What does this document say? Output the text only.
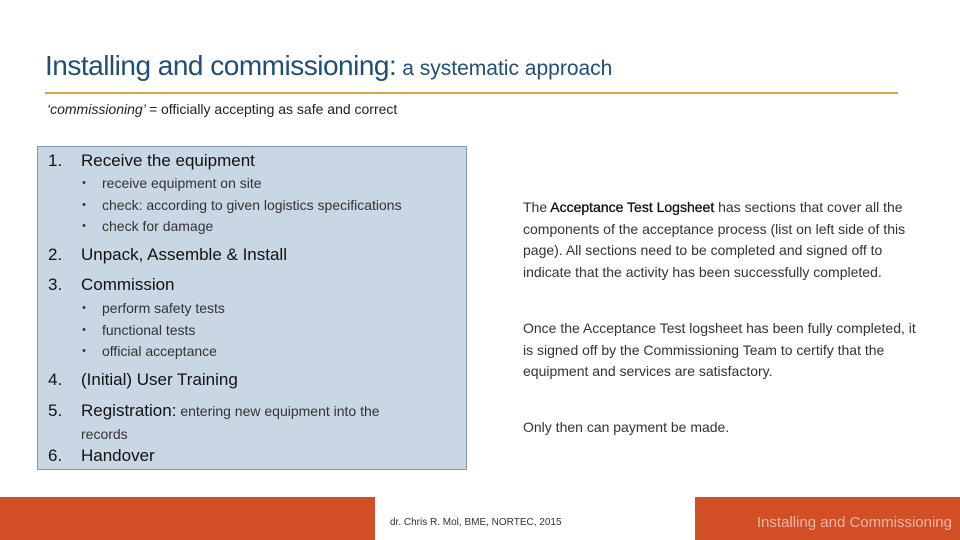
Installing and commissioning: a systematic approach
‘commissioning’ = officially accepting as safe and correct
1. Receive the equipment
• receive equipment on site
• check: according to given logistics specifications
• check for damage
2. Unpack, Assemble & Install
3. Commission
• perform safety tests
• functional tests
• official acceptance
4. (Initial) User Training
5. Registration: entering new equipment into the
records
6. Handover
The Acceptance Test Logsheet has sections that cover all the components of the acceptance process (list on left side of this page). All sections need to be completed and signed off to indicate that the activity has been successfully completed.
Once the Acceptance Test logsheet has been fully completed, it is signed off by the Commissioning Team to certify that the equipment and services are satisfactory.
Only then can payment be made.
dr. Chris R. Mol, BME, NORTEC, 2015	Installing and Commissioning
